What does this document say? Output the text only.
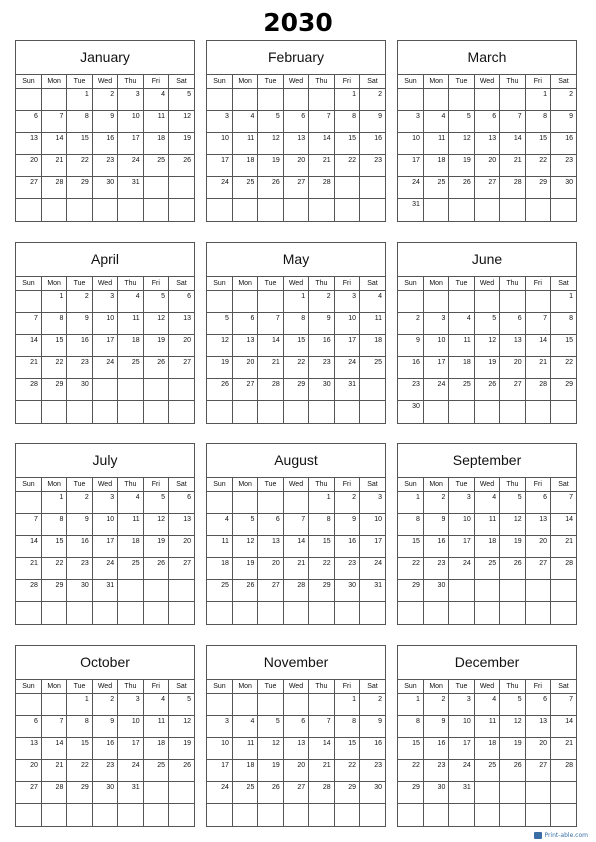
2030
January
Sun	Mon	Tue	Wed	Thu	Fri	Sat
		1	2	3	4	5
6	7	8	9	10	11	12
13	14	15	16	17	18	19
20	21	22	23	24	25	26
27	28	29	30	31		

February
Sun	Mon	Tue	Wed	Thu	Fri	Sat
					1	2
3	4	5	6	7	8	9
10	11	12	13	14	15	16
17	18	19	20	21	22	23
24	25	26	27	28		

March
Sun	Mon	Tue	Wed	Thu	Fri	Sat
					1	2
3	4	5	6	7	8	9
10	11	12	13	14	15	16
17	18	19	20	21	22	23
24	25	26	27	28	29	30
31						
April
Sun	Mon	Tue	Wed	Thu	Fri	Sat
	1	2	3	4	5	6
7	8	9	10	11	12	13
14	15	16	17	18	19	20
21	22	23	24	25	26	27
28	29	30				

May
Sun	Mon	Tue	Wed	Thu	Fri	Sat
			1	2	3	4
5	6	7	8	9	10	11
12	13	14	15	16	17	18
19	20	21	22	23	24	25
26	27	28	29	30	31	

June
Sun	Mon	Tue	Wed	Thu	Fri	Sat
						1
2	3	4	5	6	7	8
9	10	11	12	13	14	15
16	17	18	19	20	21	22
23	24	25	26	27	28	29
30						
July
Sun	Mon	Tue	Wed	Thu	Fri	Sat
	1	2	3	4	5	6
7	8	9	10	11	12	13
14	15	16	17	18	19	20
21	22	23	24	25	26	27
28	29	30	31			

August
Sun	Mon	Tue	Wed	Thu	Fri	Sat
				1	2	3
4	5	6	7	8	9	10
11	12	13	14	15	16	17
18	19	20	21	22	23	24
25	26	27	28	29	30	31

September
Sun	Mon	Tue	Wed	Thu	Fri	Sat
1	2	3	4	5	6	7
8	9	10	11	12	13	14
15	16	17	18	19	20	21
22	23	24	25	26	27	28
29	30					

October
Sun	Mon	Tue	Wed	Thu	Fri	Sat
		1	2	3	4	5
6	7	8	9	10	11	12
13	14	15	16	17	18	19
20	21	22	23	24	25	26
27	28	29	30	31		

November
Sun	Mon	Tue	Wed	Thu	Fri	Sat
					1	2
3	4	5	6	7	8	9
10	11	12	13	14	15	16
17	18	19	20	21	22	23
24	25	26	27	28	29	30

December
Sun	Mon	Tue	Wed	Thu	Fri	Sat
1	2	3	4	5	6	7
8	9	10	11	12	13	14
15	16	17	18	19	20	21
22	23	24	25	26	27	28
29	30	31				

Print-able.com
